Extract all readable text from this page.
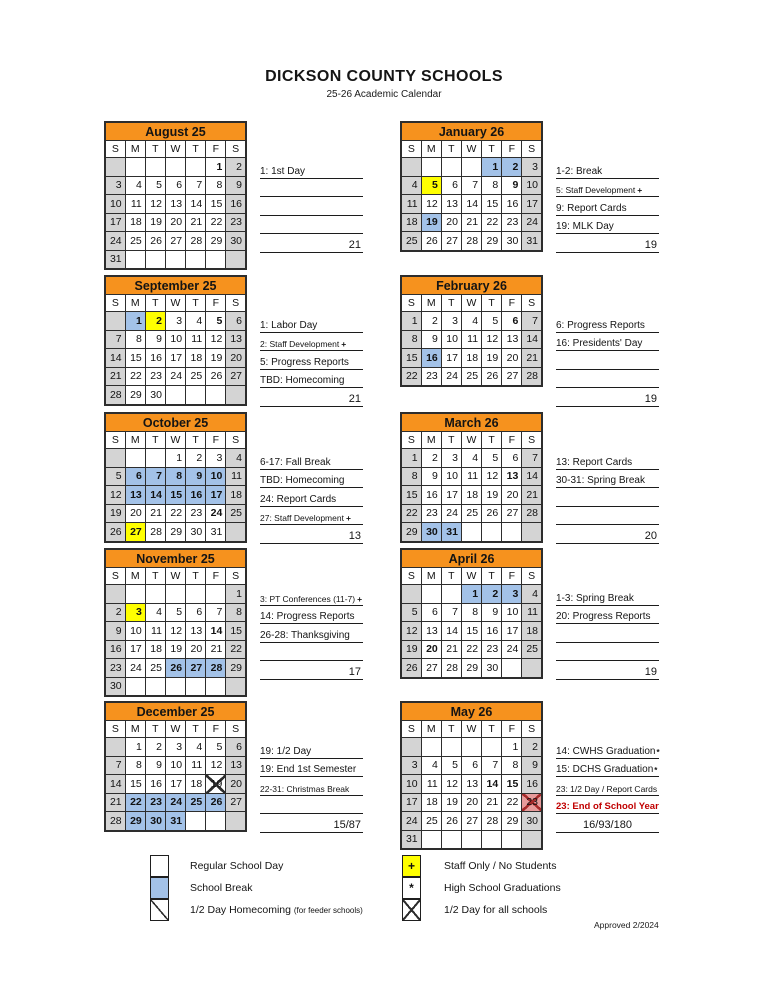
DICKSON COUNTY SCHOOLS
25-26 Academic Calendar
August 25						
S	M	T	W	T	F	S
					1	2
3	4	5	6	7	8	9
10	11	12	13	14	15	16
17	18	19	20	21	22	23
24	25	26	27	28	29	30
31						
1: 1st Day
21
September 25						
S	M	T	W	T	F	S
	1	2	3	4	5	6
7	8	9	10	11	12	13
14	15	16	17	18	19	20
21	22	23	24	25	26	27
28	29	30				
1: Labor Day
2: Staff Development +
5: Progress Reports
TBD: Homecoming
21
October 25						
S	M	T	W	T	F	S
			1	2	3	4
5	6	7	8	9	10	11
12	13	14	15	16	17	18
19	20	21	22	23	24	25
26	27	28	29	30	31	
6-17: Fall Break
TBD: Homecoming
24: Report Cards
27: Staff Development +
13
November 25						
S	M	T	W	T	F	S
						1
2	3	4	5	6	7	8
9	10	11	12	13	14	15
16	17	18	19	20	21	22
23	24	25	26	27	28	29
30						
3: PT Conferences (11-7) +
14: Progress Reports
26-28: Thanksgiving
17
December 25						
S	M	T	W	T	F	S
	1	2	3	4	5	6
7	8	9	10	11	12	13
14	15	16	17	18	19	20
21	22	23	24	25	26	27
28	29	30	31			
19: 1/2 Day
19: End 1st Semester
22-31: Christmas Break
15/87
January 26						
S	M	T	W	T	F	S
				1	2	3
4	5	6	7	8	9	10
11	12	13	14	15	16	17
18	19	20	21	22	23	24
25	26	27	28	29	30	31
1-2: Break
5: Staff Development +
9: Report Cards
19: MLK Day
19
February 26						
S	M	T	W	T	F	S
1	2	3	4	5	6	7
8	9	10	11	12	13	14
15	16	17	18	19	20	21
22	23	24	25	26	27	28
6: Progress Reports
16: Presidents' Day
19
March 26						
S	M	T	W	T	F	S
1	2	3	4	5	6	7
8	9	10	11	12	13	14
15	16	17	18	19	20	21
22	23	24	25	26	27	28
29	30	31				
13: Report Cards
30-31: Spring Break
20
April 26						
S	M	T	W	T	F	S
			1	2	3	4
5	6	7	8	9	10	11
12	13	14	15	16	17	18
19	20	21	22	23	24	25
26	27	28	29	30		
1-3: Spring Break
20: Progress Reports
19
May 26						
S	M	T	W	T	F	S
					1	2
3	4	5	6	7	8	9
10	11	12	13	14	15	16
17	18	19	20	21	22	23
24	25	26	27	28	29	30
31						
14: CWHS Graduation *
15: DCHS Graduation *
23: 1/2 Day / Report Cards
23: End of School Year
16/93/180
Regular School Day
School Break
1/2 Day Homecoming (for feeder schools)
+
*
Staff Only / No Students
High School Graduations
1/2 Day for all schools
Approved 2/2024
